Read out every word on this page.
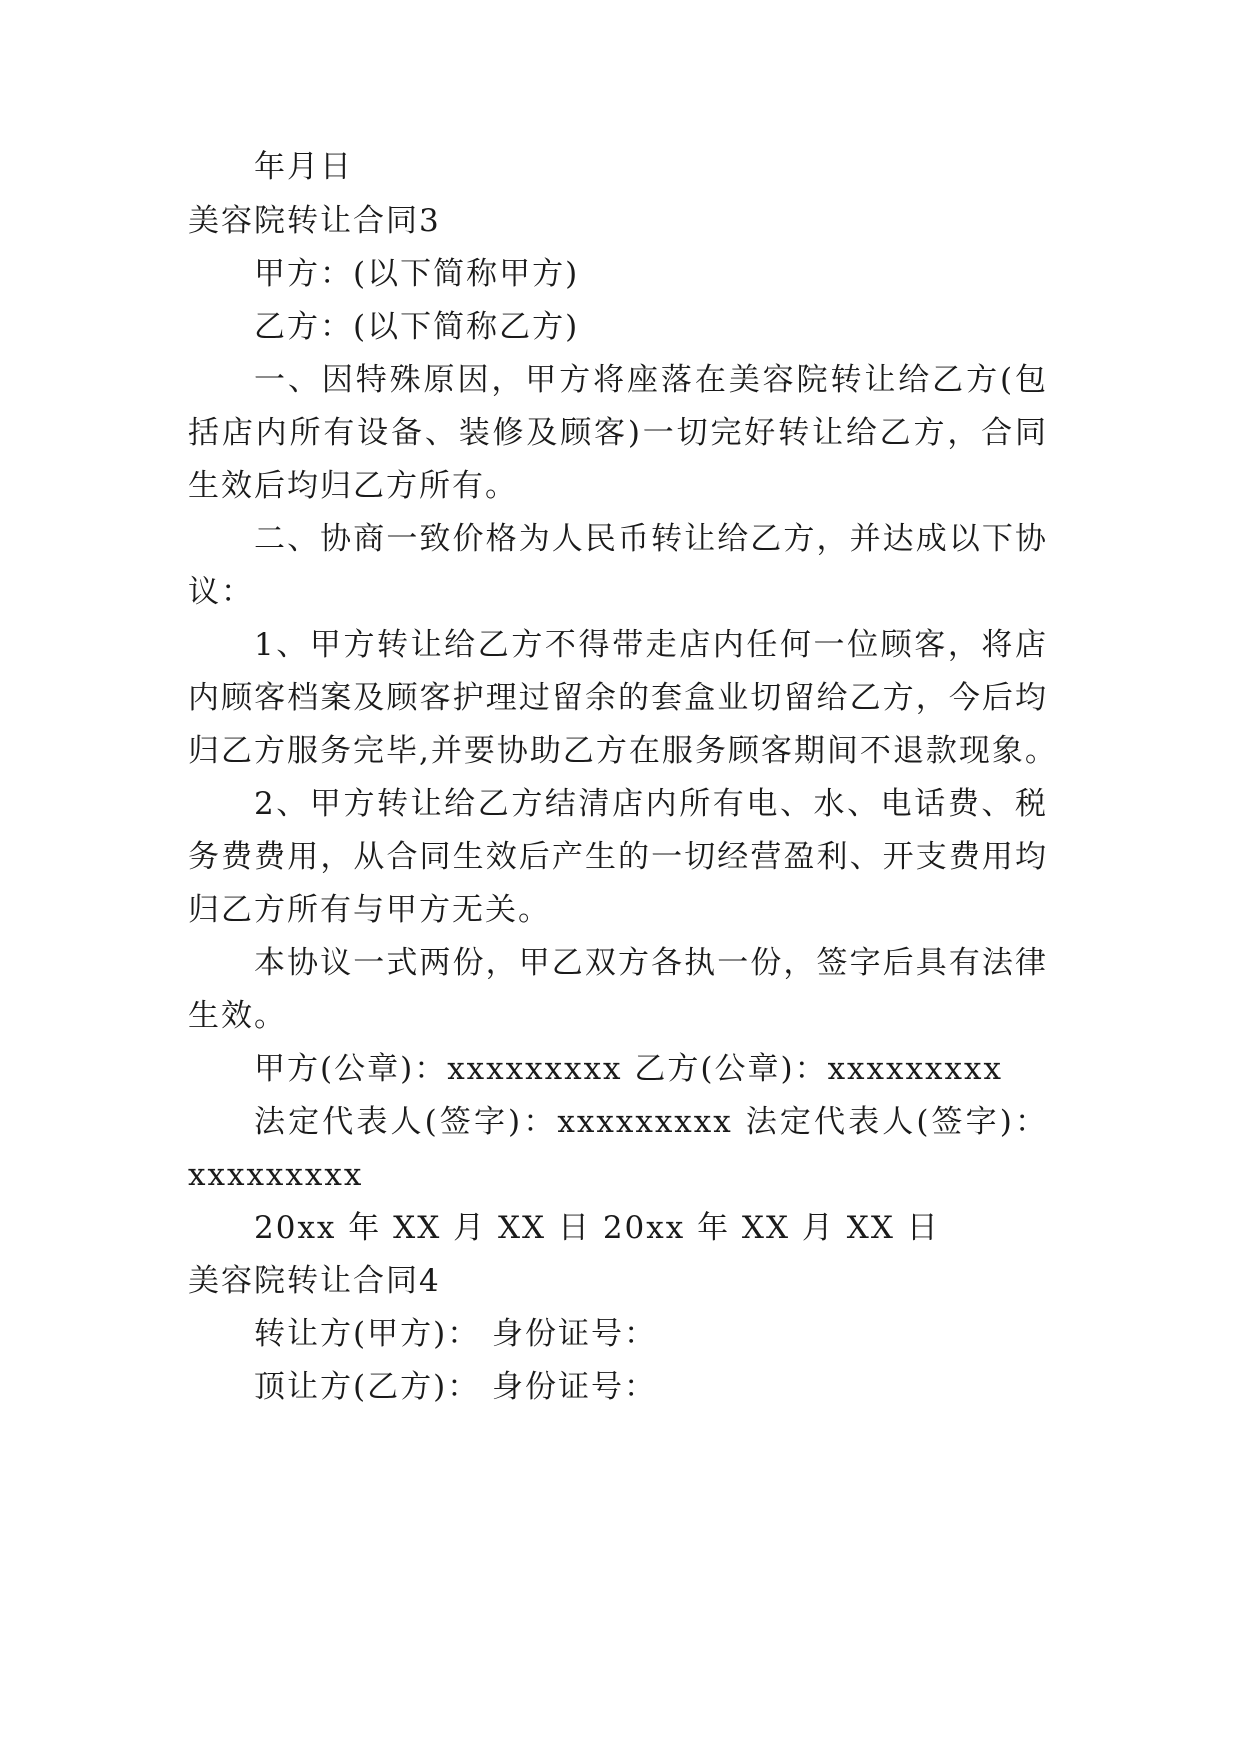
年月日
美容院转让合同3
甲方：(以下简称甲方)
乙方：(以下简称乙方)
一、因特殊原因，甲方将座落在美容院转让给乙方(包
括店内所有设备、装修及顾客)一切完好转让给乙方，合同
生效后均归乙方所有。
二、协商一致价格为人民币转让给乙方，并达成以下协
议：
1、甲方转让给乙方不得带走店内任何一位顾客，将店
内顾客档案及顾客护理过留余的套盒业切留给乙方，今后均
归乙方服务完毕,并要协助乙方在服务顾客期间不退款现象。
2、甲方转让给乙方结清店内所有电、水、电话费、税
务费费用，从合同生效后产生的一切经营盈利、开支费用均
归乙方所有与甲方无关。
本协议一式两份，甲乙双方各执一份，签字后具有法律
生效。
甲方(公章)：xxxxxxxxx 乙方(公章)：xxxxxxxxx
法定代表人(签字)：xxxxxxxxx 法定代表人(签字)：
xxxxxxxxx
20xx 年 XX 月 XX 日 20xx 年 XX 月 XX 日
美容院转让合同4
转让方(甲方)： 身份证号：
顶让方(乙方)： 身份证号：
